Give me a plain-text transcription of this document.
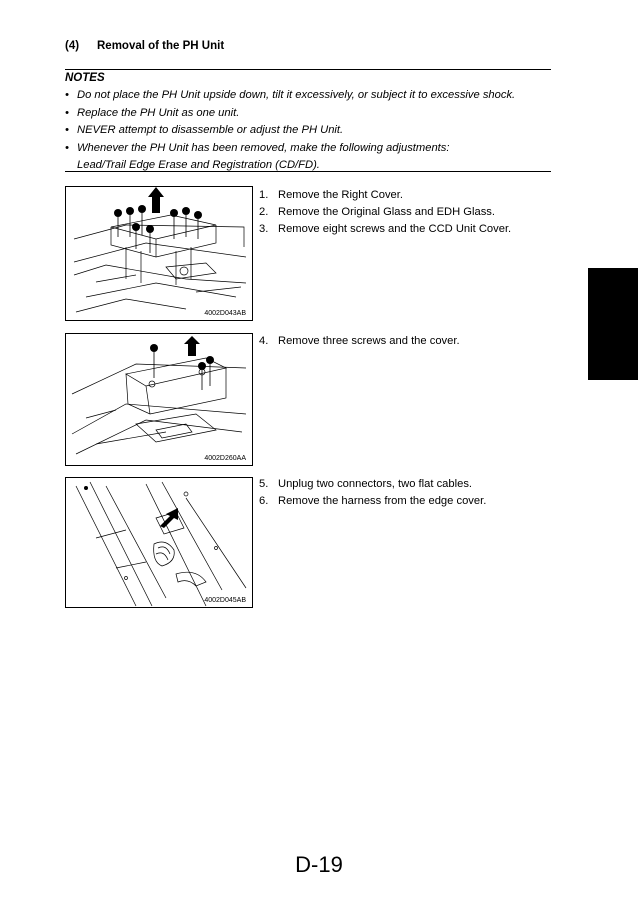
(4) Removal of the PH Unit
NOTES
• Do not place the PH Unit upside down, tilt it excessively, or subject it to excessive shock.
• Replace the PH Unit as one unit.
• NEVER attempt to disassemble or adjust the PH Unit.
• Whenever the PH Unit has been removed, make the following adjustments:
Lead/Trail Edge Erase and Registration (CD/FD).
4002D043AB
4002D260AA
4002D045AB
1. Remove the Right Cover.
2. Remove the Original Glass and EDH Glass.
3. Remove eight screws and the CCD Unit Cover.
4. Remove three screws and the cover.
5. Unplug two connectors, two flat cables.
6. Remove the harness from the edge cover.
D-19
